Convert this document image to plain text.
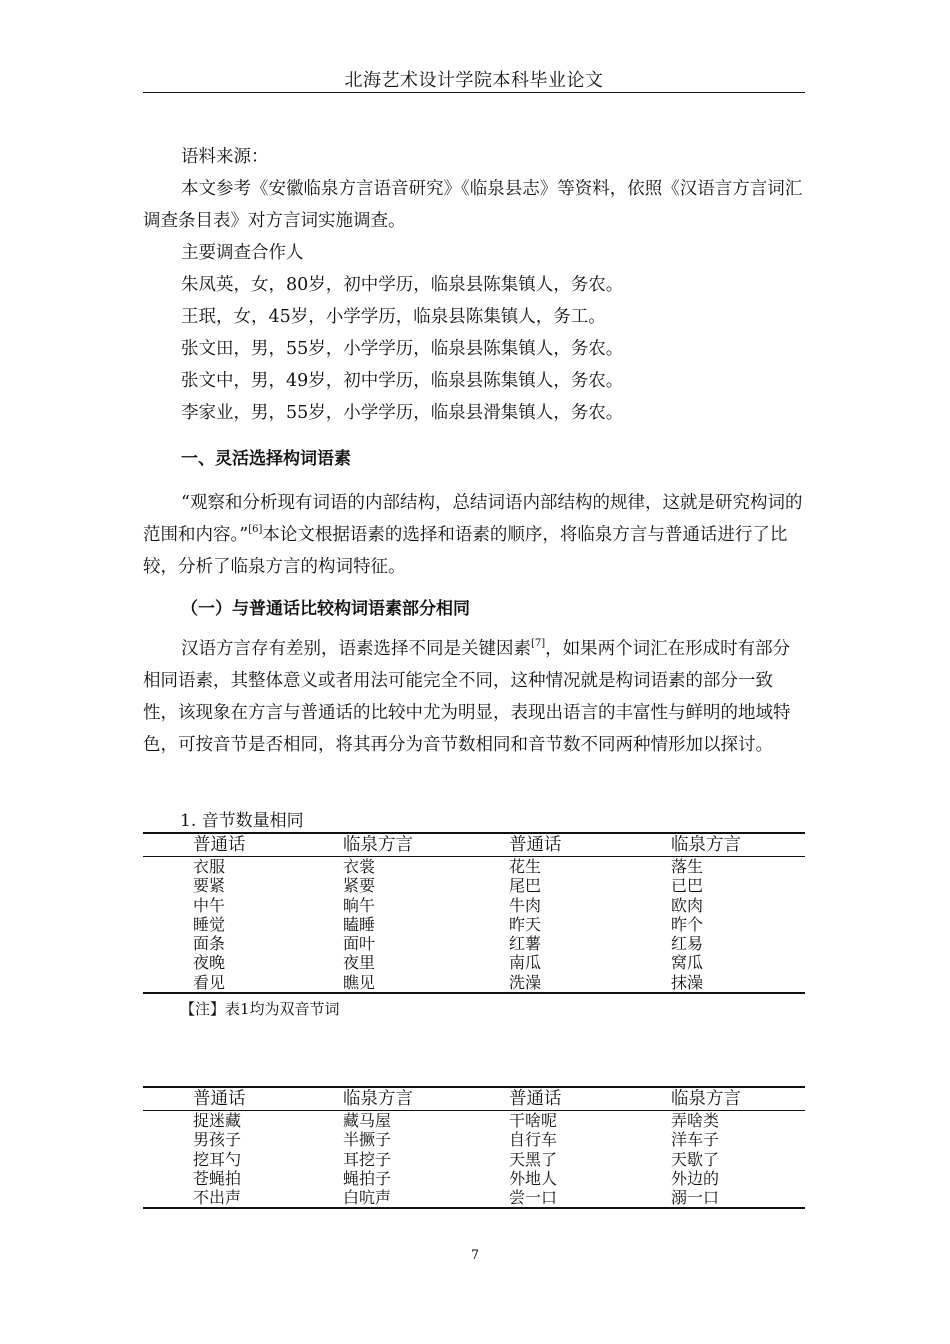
北海艺术设计学院本科毕业论文

语料来源：

本文参考《安徽临泉方言语音研究》《临泉县志》等资料，依照《汉语言方言词汇调查条目表》对方言词实施调查。

主要调查合作人

朱凤英，女，80岁，初中学历，临泉县陈集镇人，务农。

王珉，女，45岁，小学学历，临泉县陈集镇人，务工。

张文田，男，55岁，小学学历，临泉县陈集镇人，务农。

张文中，男，49岁，初中学历，临泉县陈集镇人，务农。

李家业，男，55岁，小学学历，临泉县滑集镇人，务农。

一、灵活选择构词语素

“观察和分析现有词语的内部结构，总结词语内部结构的规律，这就是研究构词的范围和内容。”[6]本论文根据语素的选择和语素的顺序，将临泉方言与普通话进行了比较，分析了临泉方言的构词特征。

（一）与普通话比较构词语素部分相同

汉语方言存有差别，语素选择不同是关键因素[7]，如果两个词汇在形成时有部分相同语素，其整体意义或者用法可能完全不同，这种情况就是构词语素的部分一致性，该现象在方言与普通话的比较中尤为明显，表现出语言的丰富性与鲜明的地域特色，可按音节是否相同，将其再分为音节数相同和音节数不同两种情形加以探讨。

1. 音节数量相同
普通话	临泉方言	普通话	临泉方言
衣服	衣裳	花生	落生
要紧	紧要	尾巴	已巴
中午	晌午	牛肉	欧肉
睡觉	瞌睡	昨天	昨个
面条	面叶	红薯	红易
夜晚	夜里	南瓜	窝瓜
看见	瞧见	洗澡	抹澡
【注】表1均为双音节词
普通话	临泉方言	普通话	临泉方言
捉迷藏	藏马屋	干啥呢	弄啥类
男孩子	半撅子	自行车	洋车子
挖耳勺	耳挖子	天黑了	天歇了
苍蝇拍	蝇拍子	外地人	外边的
不出声	白吭声	尝一口	溺一口
7
